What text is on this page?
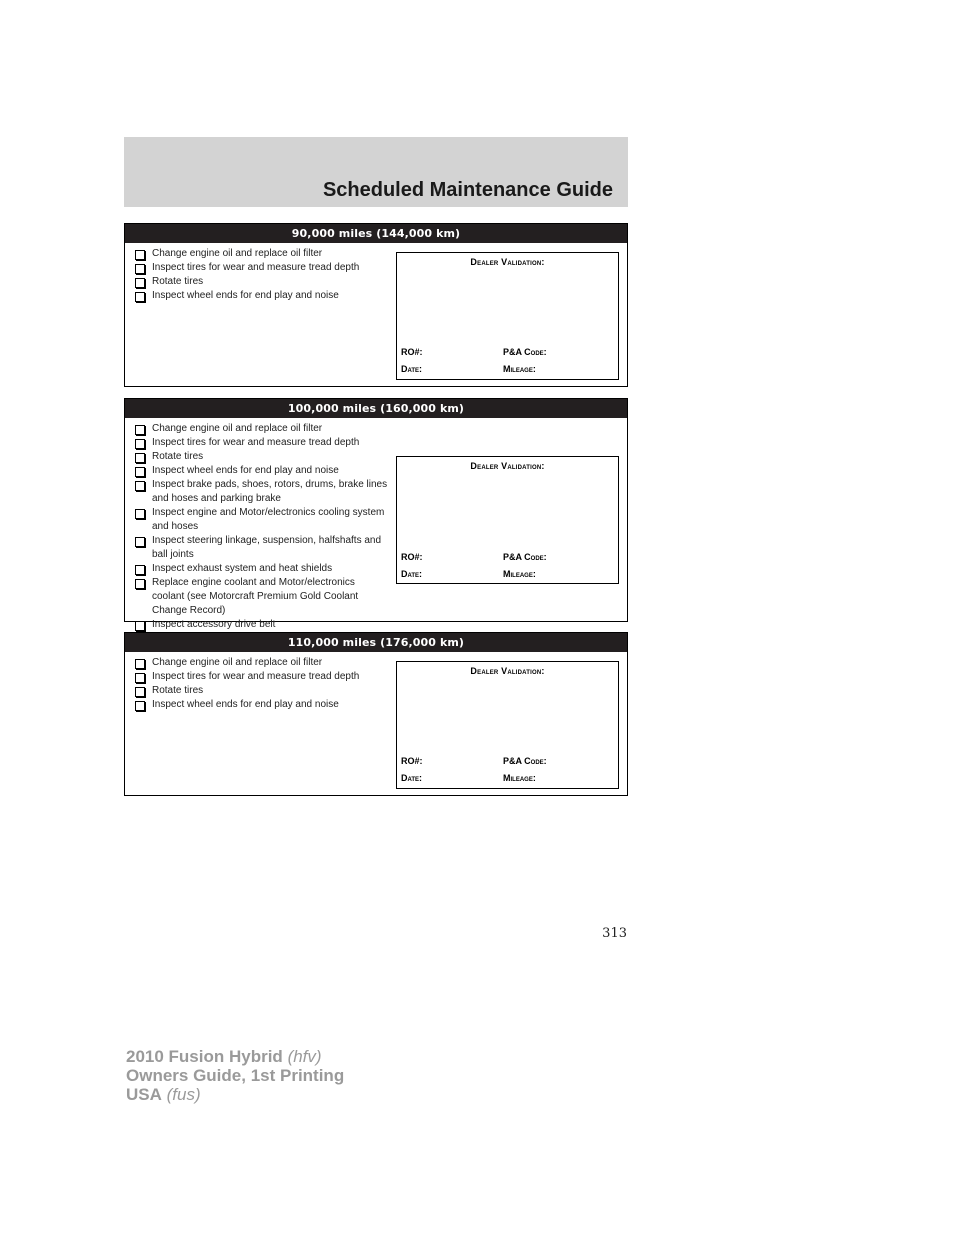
Scheduled Maintenance Guide
90,000 miles (144,000 km)
Change engine oil and replace oil filter
Inspect tires for wear and measure tread depth
Rotate tires
Inspect wheel ends for end play and noise
Dealer Validation:
RO#:	P&A Code:
Date:	Mileage:
100,000 miles (160,000 km)
Change engine oil and replace oil filter
Inspect tires for wear and measure tread depth
Rotate tires
Inspect wheel ends for end play and noise
Inspect brake pads, shoes, rotors, drums, brake lines and hoses and parking brake
Inspect engine and Motor/electronics cooling system and hoses
Inspect steering linkage, suspension, halfshafts and ball joints
Inspect exhaust system and heat shields
Replace engine coolant and Motor/electronics coolant (see Motorcraft Premium Gold Coolant Change Record)
Inspect accessory drive belt
Dealer Validation:
RO#:	P&A Code:
Date:	Mileage:
110,000 miles (176,000 km)
Change engine oil and replace oil filter
Inspect tires for wear and measure tread depth
Rotate tires
Inspect wheel ends for end play and noise
Dealer Validation:
RO#:	P&A Code:
Date:	Mileage:
313
2010 Fusion Hybrid (hfv)
Owners Guide, 1st Printing
USA (fus)
